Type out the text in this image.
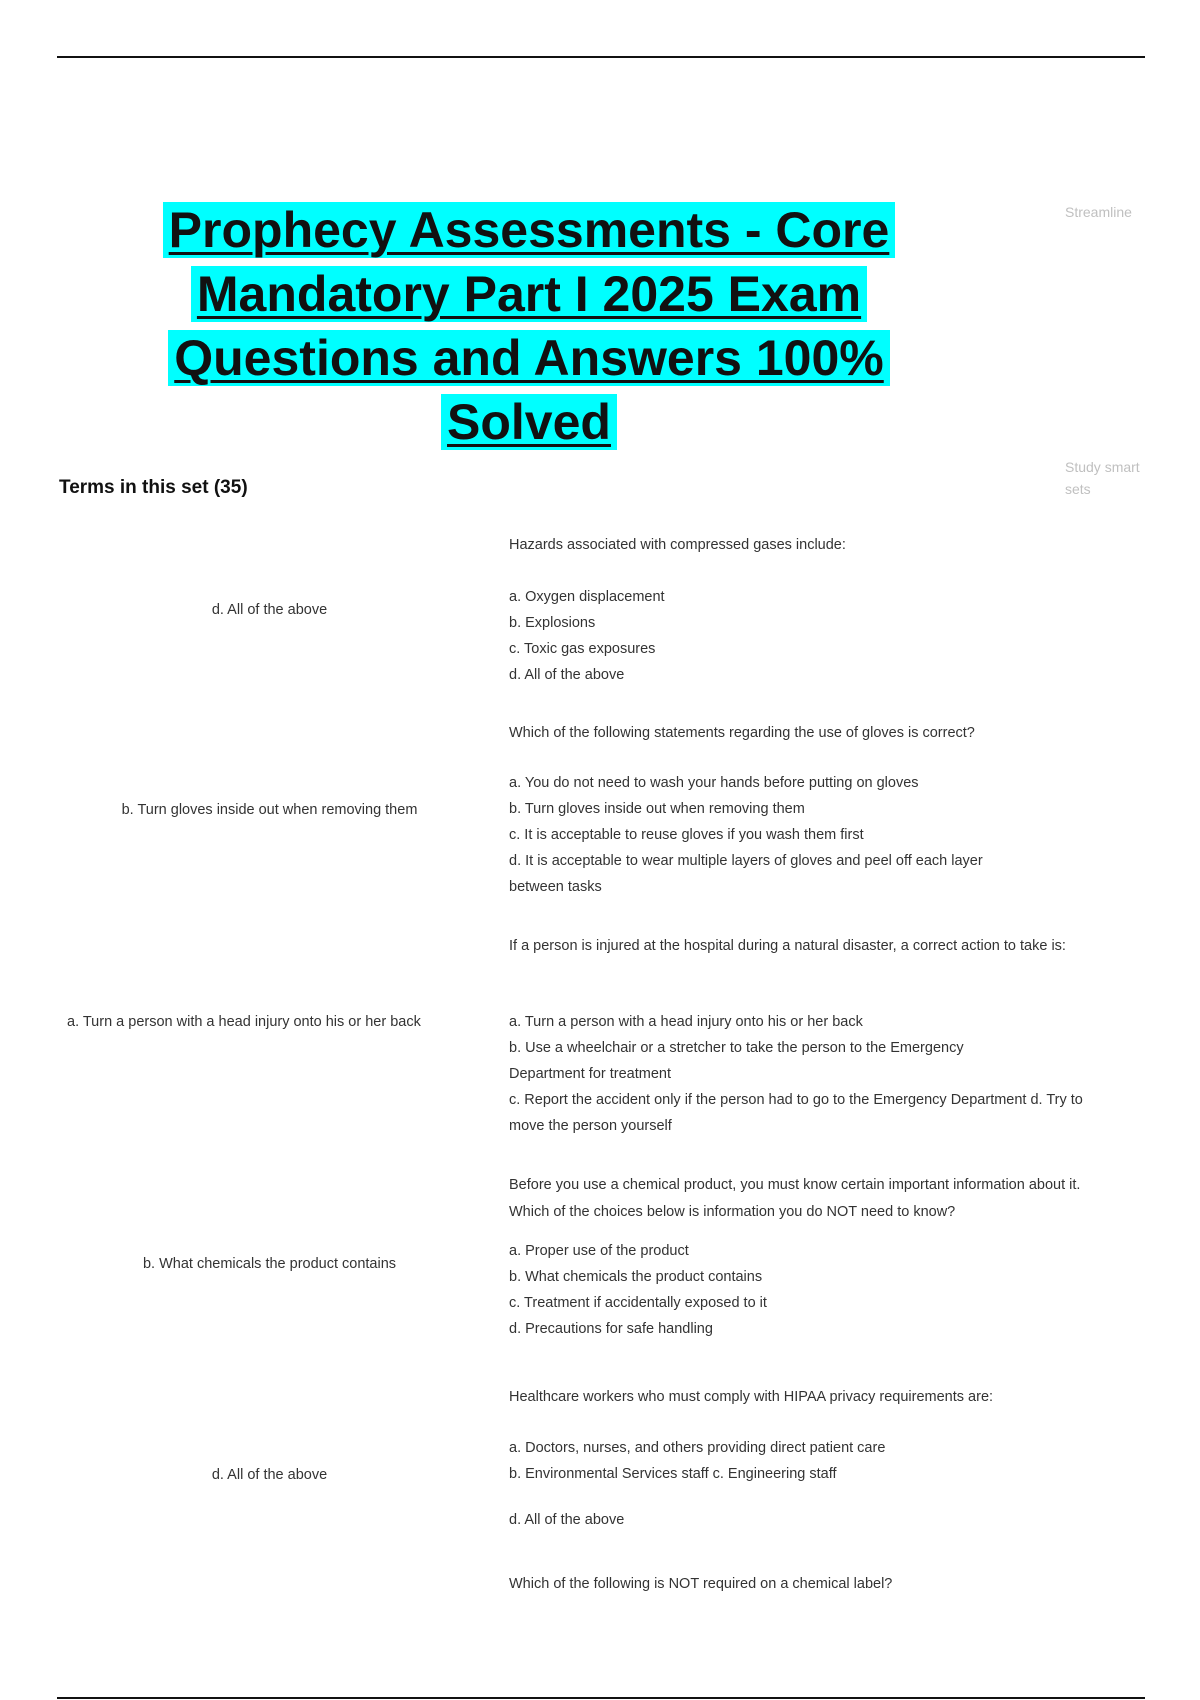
Prophecy Assessments - Core
Mandatory Part I 2025 Exam
Questions and Answers 100%
Solved
Streamline
Study smart sets
Terms in this set (35)
d. All of the above
Hazards associated with compressed gases include:
a. Oxygen displacement
b. Explosions
c. Toxic gas exposures
d. All of the above
b. Turn gloves inside out when removing them
Which of the following statements regarding the use of gloves is correct?
a. You do not need to wash your hands before putting on gloves
b. Turn gloves inside out when removing them
c. It is acceptable to reuse gloves if you wash them first
d. It is acceptable to wear multiple layers of gloves and peel off each layer between tasks
a. Turn a person with a head injury onto his or her back
If a person is injured at the hospital during a natural disaster, a correct action to take is:
a. Turn a person with a head injury onto his or her back
b. Use a wheelchair or a stretcher to take the person to the Emergency Department for treatment
c. Report the accident only if the person had to go to the Emergency Department d. Try to move the person yourself
b. What chemicals the product contains
Before you use a chemical product, you must know certain important information about it. Which of the choices below is information you do NOT need to know?
a. Proper use of the product
b. What chemicals the product contains
c. Treatment if accidentally exposed to it
d. Precautions for safe handling
d. All of the above
Healthcare workers who must comply with HIPAA privacy requirements are:
a. Doctors, nurses, and others providing direct patient care
b. Environmental Services staff c. Engineering staff
d. All of the above
Which of the following is NOT required on a chemical label?
